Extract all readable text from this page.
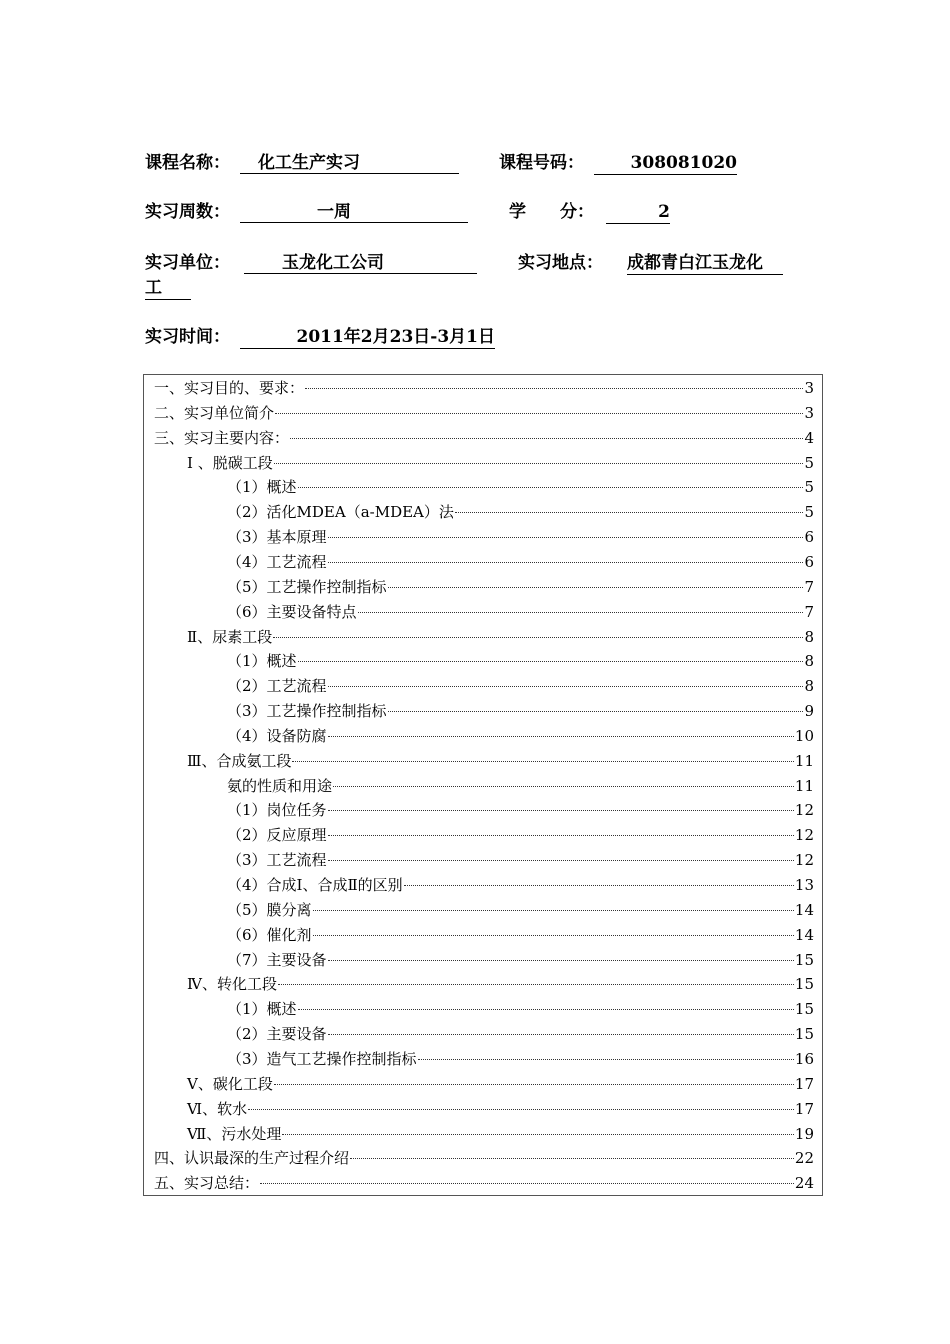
课程名称：	化工生产实习	课程号码：	308081020
实习周数：	一周	学　　分：	2
实习单位：	玉龙化工公司	实习地点： 成都青白江玉龙化
工
实习时间：	2011年2月23日-3月1日
一、实习目的、要求：	3
二、实习单位简介	3
三、实习主要内容：	4
Ⅰ 、脱碳工段	5
（1）概述	5
（2）活化MDEA（a-MDEA）法	5
（3）基本原理	6
（4）工艺流程	6
（5）工艺操作控制指标	7
（6）主要设备特点	7
Ⅱ、尿素工段	8
（1）概述	8
（2）工艺流程	8
（3）工艺操作控制指标	9
（4）设备防腐	10
Ⅲ、合成氨工段	11
氨的性质和用途	11
（1）岗位任务	12
（2）反应原理	12
（3）工艺流程	12
（4）合成Ⅰ、合成Ⅱ的区别	13
（5）膜分离	14
（6）催化剂	14
（7）主要设备	15
Ⅳ、转化工段	15
（1）概述	15
（2）主要设备	15
（3）造气工艺操作控制指标	16
Ⅴ、碳化工段	17
Ⅵ、软水	17
Ⅶ、污水处理	19
四、认识最深的生产过程介绍	22
五、实习总结：	24
